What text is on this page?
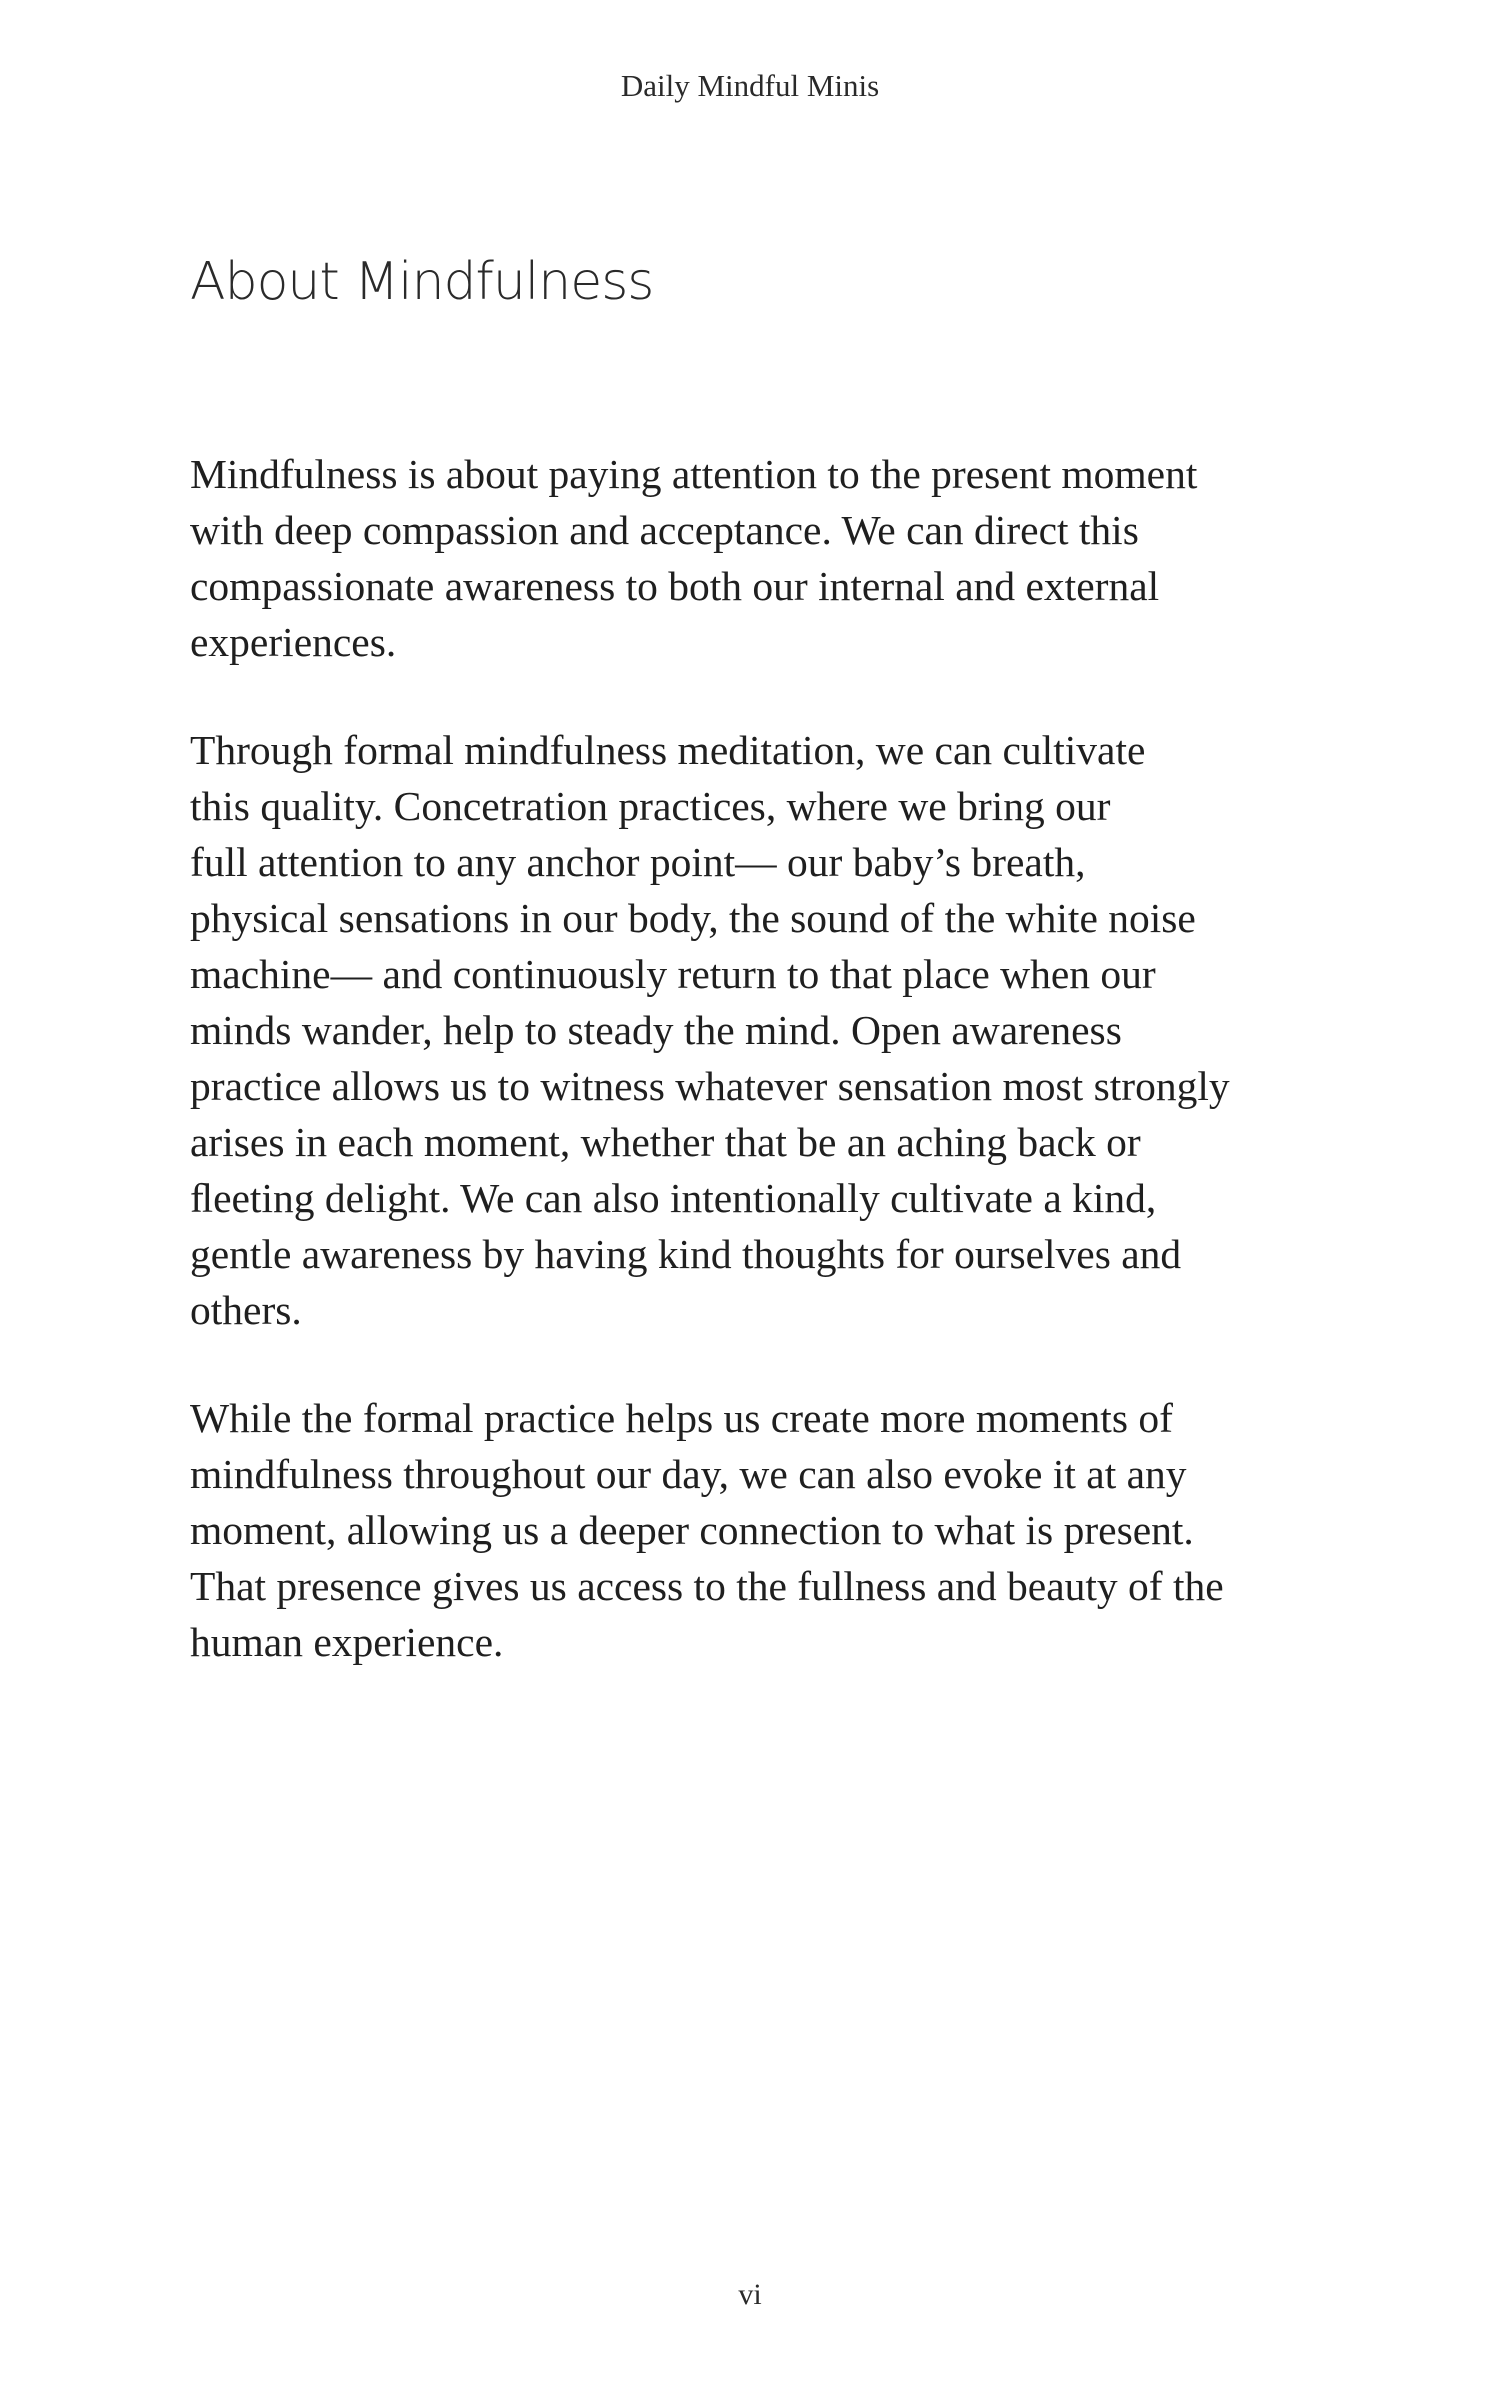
Daily Mindful Minis
About Mindfulness

Mindfulness is about paying attention to the present moment
with deep compassion and acceptance. We can direct this
compassionate awareness to both our internal and external
experiences.

Through formal mindfulness meditation, we can cultivate
this quality. Concetration practices, where we bring our
full attention to any anchor point— our baby’s breath,
physical sensations in our body, the sound of the white noise
machine— and continuously return to that place when our
minds wander, help to steady the mind. Open awareness
practice allows us to witness whatever sensation most strongly
arises in each moment, whether that be an aching back or
ﬂeeting delight. We can also intentionally cultivate a kind,
gentle awareness by having kind thoughts for ourselves and
others.

While the formal practice helps us create more moments of
mindfulness throughout our day, we can also evoke it at any
moment, allowing us a deeper connection to what is present.
That presence gives us access to the fullness and beauty of the
human experience.

vi
